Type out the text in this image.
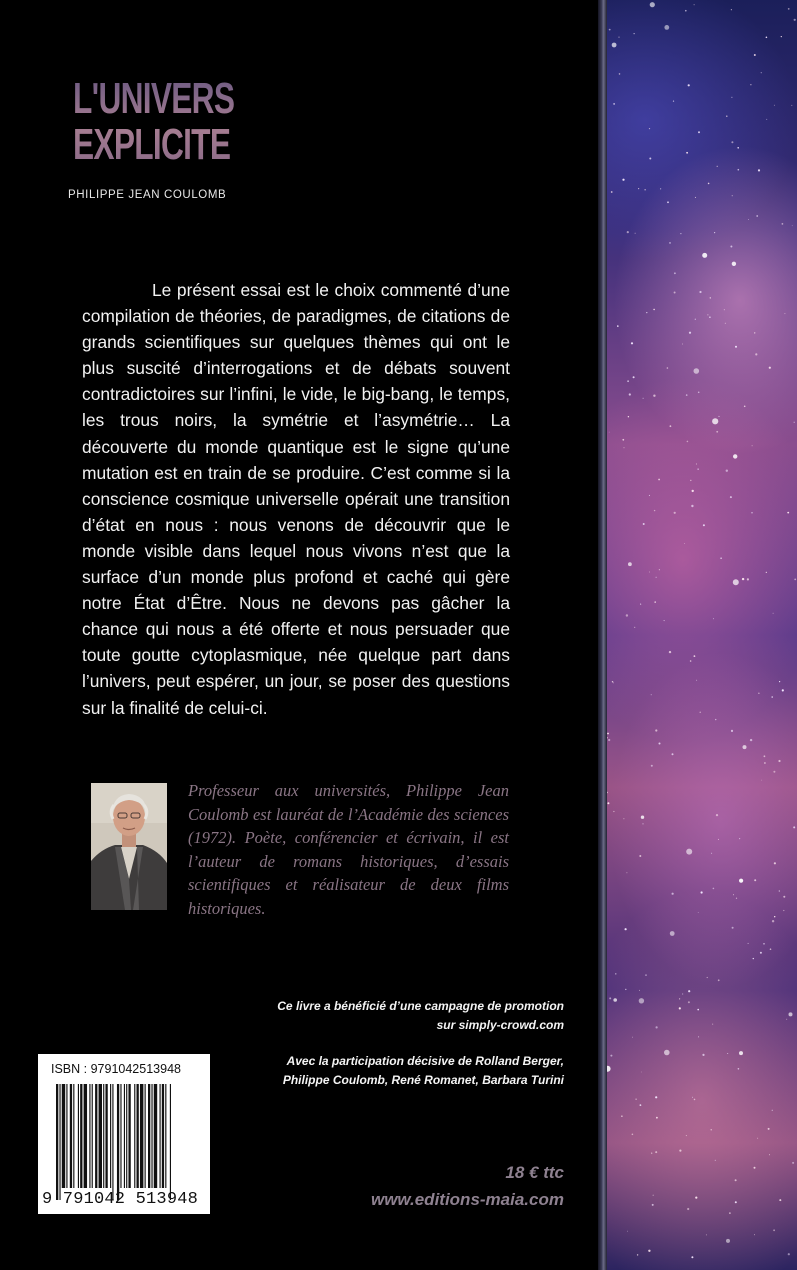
L'UNIVERS
EXPLICITE
PHILIPPE JEAN COULOMB

Le présent essai est le choix commenté d’une compilation de théories, de paradigmes, de citations de grands scientifiques sur quelques thèmes qui ont le plus suscité d’interrogations et de débats souvent contradictoires sur l’infini, le vide, le big-bang, le temps, les trous noirs, la symétrie et l’asymétrie… La découverte du monde quantique est le signe qu’une mutation est en train de se produire. C’est comme si la conscience cosmique universelle opérait une transition d’état en nous : nous venons de découvrir que le monde visible dans lequel nous vivons n’est que la surface d’un monde plus profond et caché qui gère notre État d’Être. Nous ne devons pas gâcher la chance qui nous a été offerte et nous persuader que toute goutte cytoplasmique, née quelque part dans l’univers, peut espérer, un jour, se poser des questions sur la finalité de celui-ci.

Professeur aux universités, Philippe Jean Coulomb est lauréat de l’Académie des sciences (1972). Poète, conférencier et écrivain, il est l’auteur de romans historiques, d’essais scientifiques et réalisateur de deux films historiques.

Ce livre a bénéficié d’une campagne de promotion

sur simply-crowd.com

Avec la participation décisive de Rolland Berger,

Philippe Coulomb, René Romanet, Barbara Turini

ISBN : 9791042513948
9 791042 513948
18 € ttc
www.editions-maia.com
